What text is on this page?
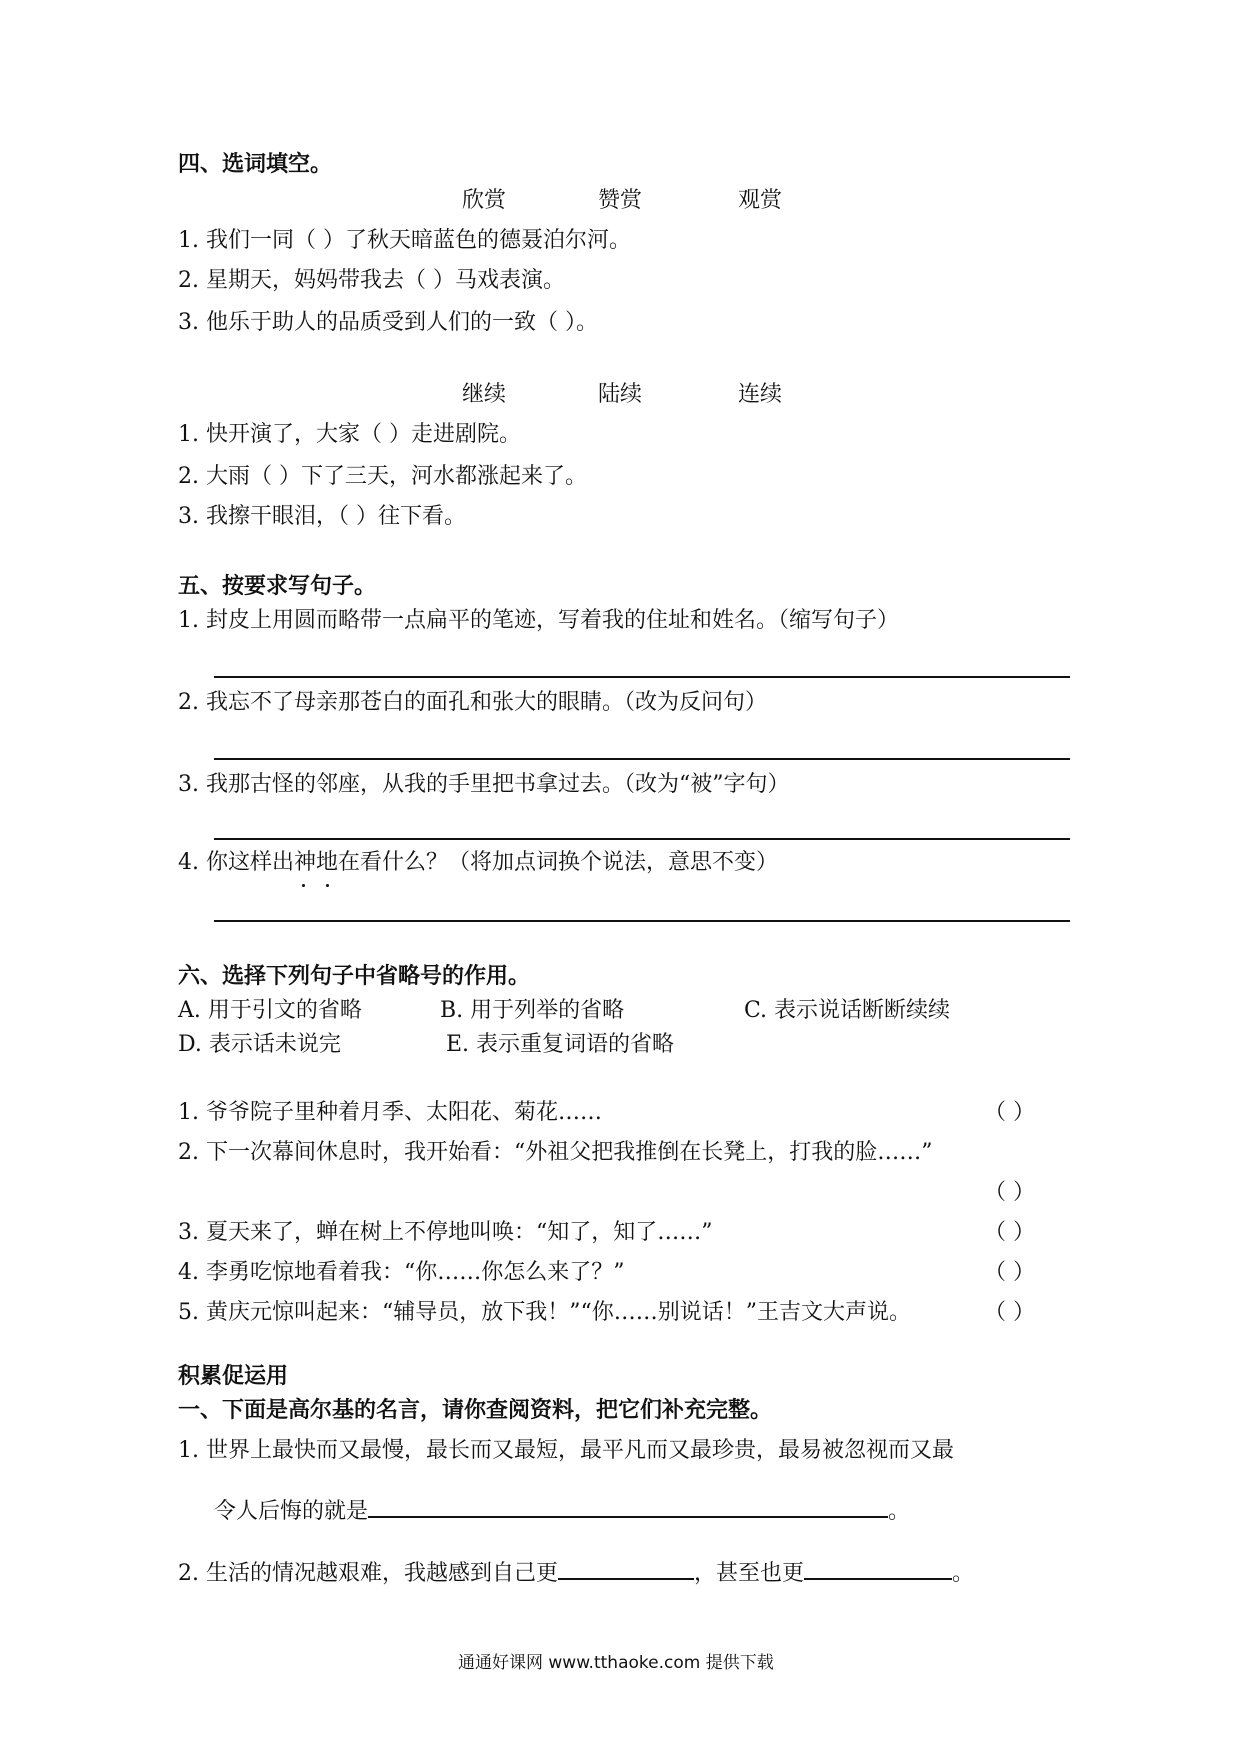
四、选词填空。
欣赏	赞赏	观赏
1. 我们一同（ ）了秋天暗蓝色的德聂泊尔河。
2. 星期天，妈妈带我去（ ）马戏表演。
3. 他乐于助人的品质受到人们的一致（ ）。
继续	陆续	连续
1. 快开演了，大家（ ）走进剧院。
2. 大雨（ ）下了三天，河水都涨起来了。
3. 我擦干眼泪，（ ）往下看。
五、按要求写句子。
1. 封皮上用圆而略带一点扁平的笔迹，写着我的住址和姓名。（缩写句子）
2. 我忘不了母亲那苍白的面孔和张大的眼睛。（改为反问句）
3. 我那古怪的邻座，从我的手里把书拿过去。（改为“被”字句）
4. 你这样出神地在看什么？（将加点词换个说法，意思不变）
六、选择下列句子中省略号的作用。
A. 用于引文的省略	B. 用于列举的省略	C. 表示说话断断续续
D. 表示话未说完	E. 表示重复词语的省略
1. 爷爷院子里种着月季、太阳花、菊花……	（ ）
2. 下一次幕间休息时，我开始看：“外祖父把我推倒在长凳上，打我的脸……”
（ ）
3. 夏天来了，蝉在树上不停地叫唤：“知了，知了……”	（ ）
4. 李勇吃惊地看着我：“你……你怎么来了？”	（ ）
5. 黄庆元惊叫起来：“辅导员，放下我！”“你……别说话！”王吉文大声说。	（ ）
积累促运用
一、下面是高尔基的名言，请你查阅资料，把它们补充完整。
1. 世界上最快而又最慢，最长而又最短，最平凡而又最珍贵，最易被忽视而又最
令人后悔的就是	。
2. 生活的情况越艰难，我越感到自己更	，甚至也更	。
通通好课网 www.tthaoke.com 提供下载
